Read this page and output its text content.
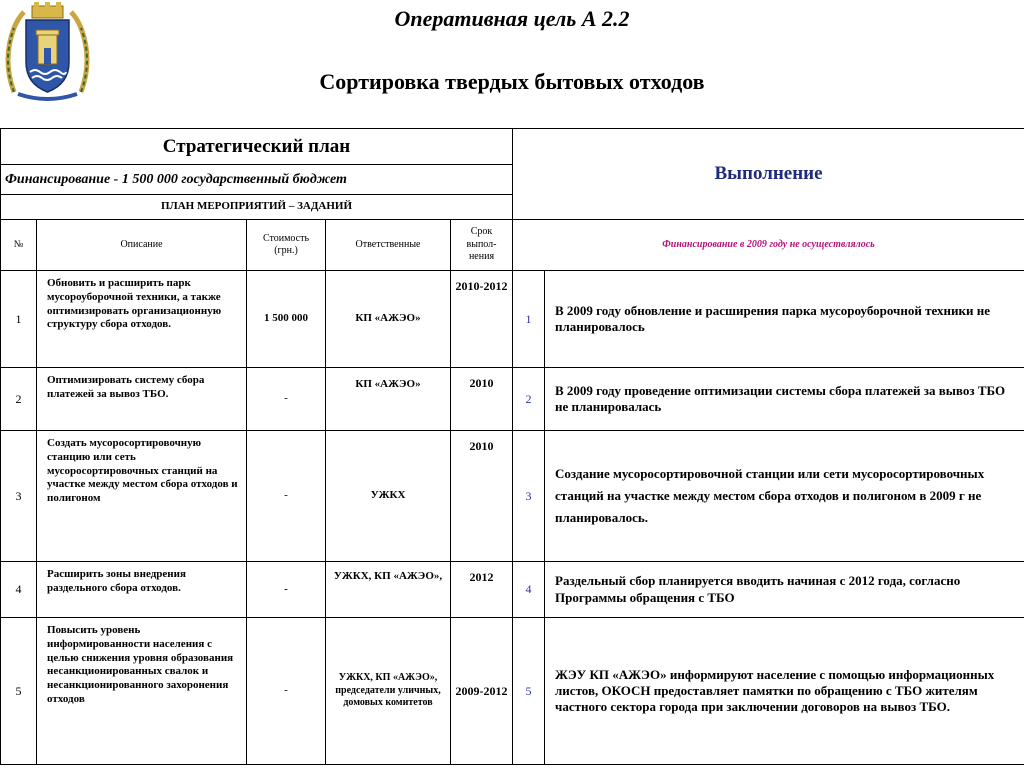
Оперативная цель А 2.2
Сортировка твердых бытовых отходов
Стратегический план					Выполнение	
Финансирование - 1 500 000 государственный бюджет						
ПЛАН МЕРОПРИЯТИЙ – ЗАДАНИЙ						
№	Описание	Стоимость (грн.)	Ответственные	Срок выпол-нения	Финансирование в 2009 году не осуществлялось	
1	Обновить и расширить парк мусороуборочной техники, а также оптимизировать организационную структуру сбора отходов.	1 500 000	КП «АЖЭО»	2010-2012	1	В 2009 году обновление и расширения парка мусороуборочной техники не планировалось
2	Оптимизировать систему сбора платежей за вывоз ТБО.	-	КП «АЖЭО»	2010	2	В 2009 году проведение оптимизации системы сбора платежей за вывоз ТБО не планировалась
3	Создать мусоросортировочную станцию или сеть мусоросортировочных станций на участке между местом сбора отходов и полигоном	-	УЖКХ	2010	3	Создание мусоросортировочной станции или сети мусоросортировочных станций на участке между местом сбора отходов и полигоном в 2009 г не планировалось.
4	Расширить зоны внедрения раздельного сбора отходов.	-	УЖКХ, КП «АЖЭО»,	2012	4	Раздельный сбор планируется вводить начиная с 2012 года, согласно Программы обращения с ТБО
5	Повысить уровень информированности населения с целью снижения уровня образования несанкционированных свалок и несанкционированного захоронения отходов	-	УЖКХ, КП «АЖЭО», председатели уличных, домовых комитетов	2009-2012	5	ЖЭУ КП «АЖЭО» информируют население с помощью информационных листов, ОКОСН предоставляет памятки по обращению с ТБО жителям частного сектора города при заключении договоров на вывоз ТБО.
